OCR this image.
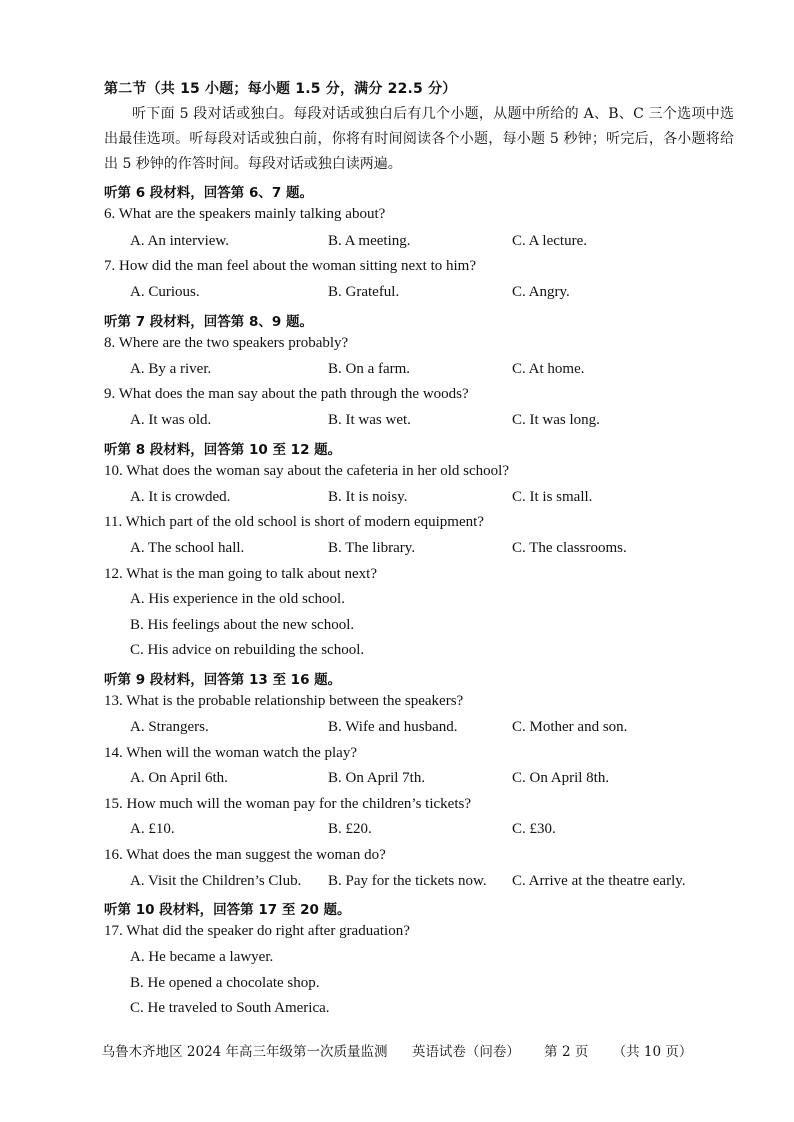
第二节（共 15 小题；每小题 1.5 分，满分 22.5 分）
听下面 5 段对话或独白。每段对话或独白后有几个小题，从题中所给的 A、B、C 三个选项中选出最佳选项。听每段对话或独白前，你将有时间阅读各个小题，每小题 5 秒钟；听完后，各小题将给出 5 秒钟的作答时间。每段对话或独白读两遍。
听第 6 段材料，回答第 6、7 题。
6. What are the speakers mainly talking about?
A. An interview.	B. A meeting.	C. A lecture.
7. How did the man feel about the woman sitting next to him?
A. Curious.	B. Grateful.	C. Angry.
听第 7 段材料，回答第 8、9 题。
8. Where are the two speakers probably?
A. By a river.	B. On a farm.	C. At home.
9. What does the man say about the path through the woods?
A. It was old.	B. It was wet.	C. It was long.
听第 8 段材料，回答第 10 至 12 题。
10. What does the woman say about the cafeteria in her old school?
A. It is crowded.	B. It is noisy.	C. It is small.
11. Which part of the old school is short of modern equipment?
A. The school hall.	B. The library.	C. The classrooms.
12. What is the man going to talk about next?
A. His experience in the old school.
B. His feelings about the new school.
C. His advice on rebuilding the school.
听第 9 段材料，回答第 13 至 16 题。
13. What is the probable relationship between the speakers?
A. Strangers.	B. Wife and husband.	C. Mother and son.
14. When will the woman watch the play?
A. On April 6th.	B. On April 7th.	C. On April 8th.
15. How much will the woman pay for the children’s tickets?
A. £10.	B. £20.	C. £30.
16. What does the man suggest the woman do?
A. Visit the Children’s Club. B. Pay for the tickets now. C. Arrive at the theatre early.
听第 10 段材料，回答第 17 至 20 题。
17. What did the speaker do right after graduation?
A. He became a lawyer.
B. He opened a chocolate shop.
C. He traveled to South America.
乌鲁木齐地区 2024 年高三年级第一次质量监测 英语试卷（问卷） 第 2 页 （共 10 页）
